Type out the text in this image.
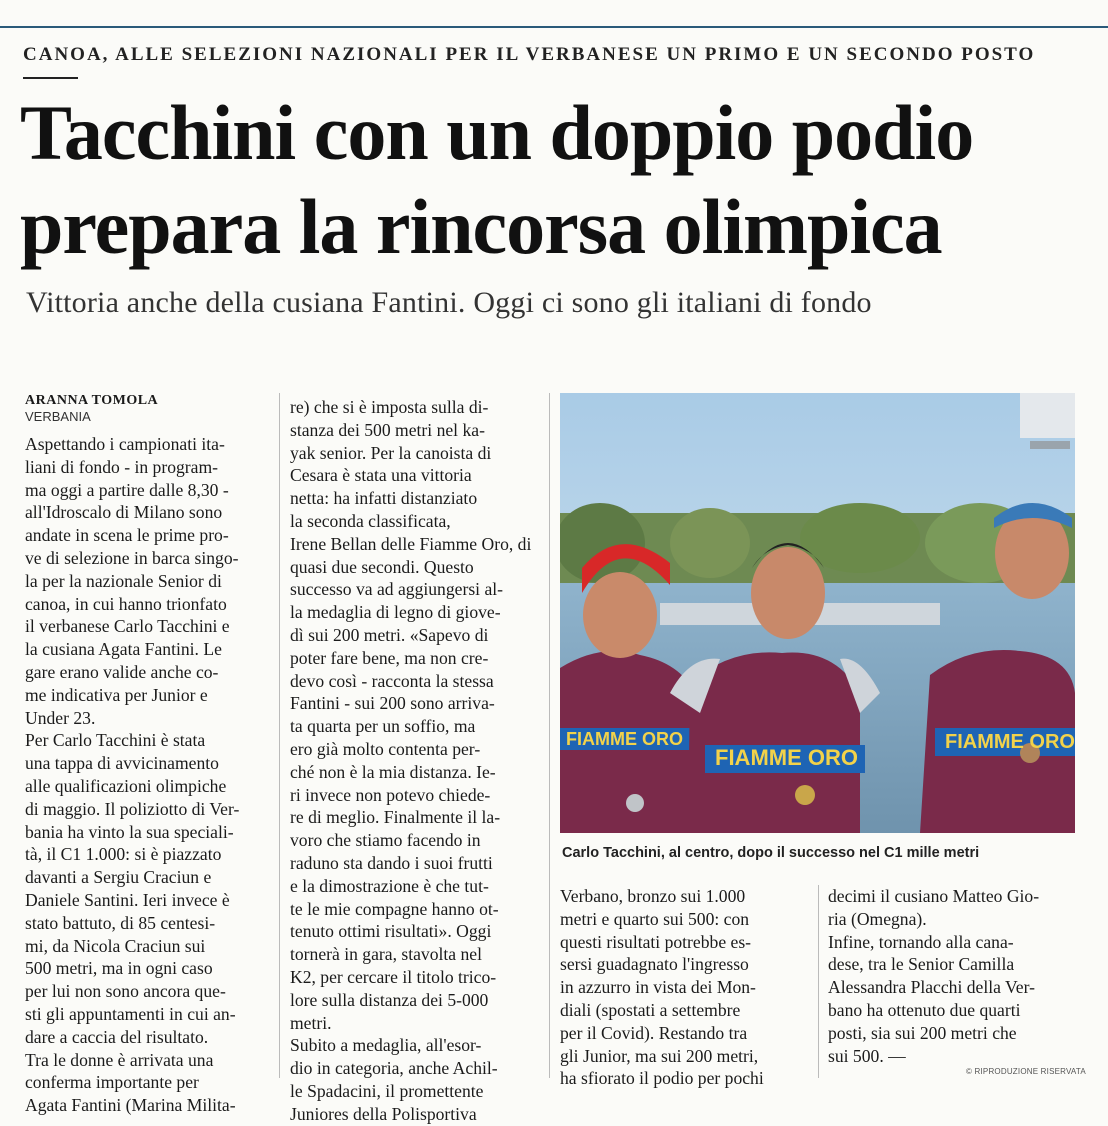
CANOA, ALLE SELEZIONI NAZIONALI PER IL VERBANESE UN PRIMO E UN SECONDO POSTO
Tacchini con un doppio podio
prepara la rincorsa olimpica
Vittoria anche della cusiana Fantini. Oggi ci sono gli italiani di fondo
ARANNA TOMOLA
VERBANIA
Aspettando i campionati ita-
liani di fondo - in program-
ma oggi a partire dalle 8,30 -
all'Idroscalo di Milano sono
andate in scena le prime pro-
ve di selezione in barca singo-
la per la nazionale Senior di
canoa, in cui hanno trionfato
il verbanese Carlo Tacchini e
la cusiana Agata Fantini. Le
gare erano valide anche co-
me indicativa per Junior e
Under 23.
Per Carlo Tacchini è stata
una tappa di avvicinamento
alle qualificazioni olimpiche
di maggio. Il poliziotto di Ver-
bania ha vinto la sua speciali-
tà, il C1 1.000: si è piazzato
davanti a Sergiu Craciun e
Daniele Santini. Ieri invece è
stato battuto, di 85 centesi-
mi, da Nicola Craciun sui
500 metri, ma in ogni caso
per lui non sono ancora que-
sti gli appuntamenti in cui an-
dare a caccia del risultato.
Tra le donne è arrivata una
conferma importante per
Agata Fantini (Marina Milita-
re) che si è imposta sulla di-
stanza dei 500 metri nel ka-
yak senior. Per la canoista di
Cesara è stata una vittoria
netta: ha infatti distanziato
la seconda classificata,
Irene Bellan delle Fiamme Oro, di
quasi due secondi. Questo
successo va ad aggiungersi al-
la medaglia di legno di giove-
dì sui 200 metri. «Sapevo di
poter fare bene, ma non cre-
devo così - racconta la stessa
Fantini - sui 200 sono arriva-
ta quarta per un soffio, ma
ero già molto contenta per-
ché non è la mia distanza. Ie-
ri invece non potevo chiede-
re di meglio. Finalmente il la-
voro che stiamo facendo in
raduno sta dando i suoi frutti
e la dimostrazione è che tut-
te le mie compagne hanno ot-
tenuto ottimi risultati». Oggi
tornerà in gara, stavolta nel
K2, per cercare il titolo trico-
lore sulla distanza dei 5-000
metri.
Subito a medaglia, all'esor-
dio in categoria, anche Achil-
le Spadacini, il promettente
Juniores della Polisportiva
Verbano, bronzo sui 1.000
metri e quarto sui 500: con
questi risultati potrebbe es-
sersi guadagnato l'ingresso
in azzurro in vista dei Mon-
diali (spostati a settembre
per il Covid). Restando tra
gli Junior, ma sui 200 metri,
ha sfiorato il podio per pochi
decimi il cusiano Matteo Gio-
ria (Omegna).
Infine, tornando alla cana-
dese, tra le Senior Camilla
Alessandra Placchi della Ver-
bano ha ottenuto due quarti
posti, sia sui 200 metri che
sui 500. —
FIAMME ORO
FIAMME ORO
FIAMME ORO
Carlo Tacchini, al centro, dopo il successo nel C1 mille metri
© RIPRODUZIONE RISERVATA
